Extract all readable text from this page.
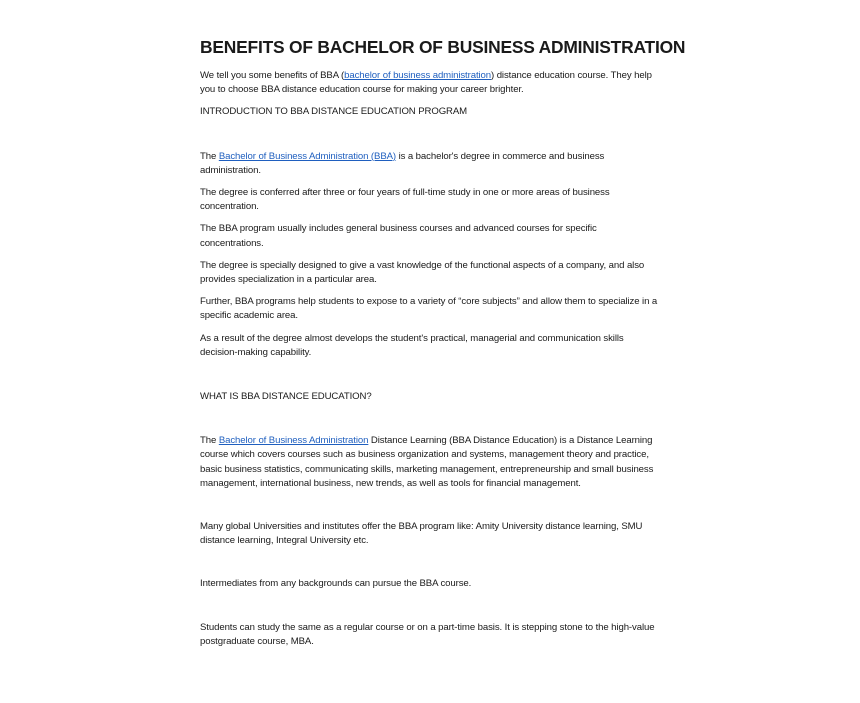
BENEFITS OF BACHELOR OF BUSINESS ADMINISTRATION

We tell you some benefits of BBA (bachelor of business administration) distance education course. They help you to choose BBA distance education course for making your career brighter.

INTRODUCTION TO BBA DISTANCE EDUCATION PROGRAM

The Bachelor of Business Administration (BBA) is a bachelor's degree in commerce and business administration.

The degree is conferred after three or four years of full-time study in one or more areas of business concentration.

The BBA program usually includes general business courses and advanced courses for specific concentrations.

The degree is specially designed to give a vast knowledge of the functional aspects of a company, and also provides specialization in a particular area.

Further, BBA programs help students to expose to a variety of “core subjects” and allow them to specialize in a specific academic area.

As a result of the degree almost develops the student's practical, managerial and communication skills decision-making capability.

WHAT IS BBA DISTANCE EDUCATION?

The Bachelor of Business Administration Distance Learning (BBA Distance Education) is a Distance Learning course which covers courses such as business organization and systems, management theory and practice, basic business statistics, communicating skills, marketing management, entrepreneurship and small business management, international business, new trends, as well as tools for financial management.

Many global Universities and institutes offer the BBA program like: Amity University distance learning, SMU distance learning, Integral University etc.

Intermediates from any backgrounds can pursue the BBA course.

Students can study the same as a regular course or on a part-time basis. It is stepping stone to the high-value postgraduate course, MBA.
